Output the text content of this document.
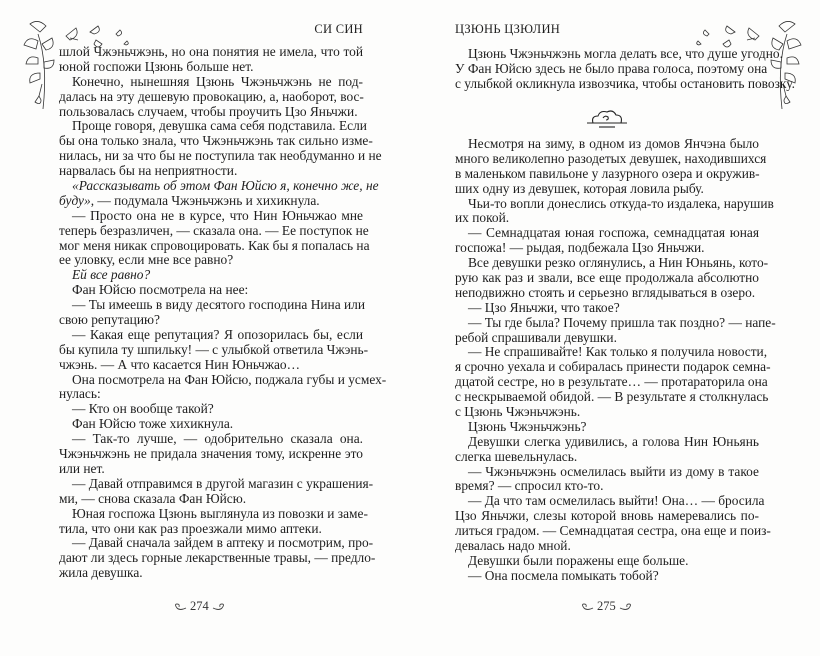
СИ СИН
шлой Чжэньчжэнь, но она понятия не имела, что той
юной госпожи Цзюнь больше нет.
Конечно, нынешняя Цзюнь Чжэньчжэнь не под-
далась на эту дешевую провокацию, а, наоборот, вос-
пользовалась случаем, чтобы проучить Цзо Яньчжи.
Проще говоря, девушка сама себя подставила. Если
бы она только знала, что Чжэньчжэнь так сильно изме-
нилась, ни за что бы не поступила так необдуманно и не
нарвалась бы на неприятности.
«Рассказывать об этом Фан Юйсю я, конечно же, не
буду», — подумала Чжэньчжэнь и хихикнула.
— Просто она не в курсе, что Нин Юньчжао мне
теперь безразличен, — сказала она. — Ее поступок не
мог меня никак спровоцировать. Как бы я попалась на
ее уловку, если мне все равно?
Ей все равно?
Фан Юйсю посмотрела на нее:
— Ты имеешь в виду десятого господина Нина или
свою репутацию?
— Какая еще репутация? Я опозорилась бы, если
бы купила ту шпильку! — с улыбкой ответила Чжэнь-
чжэнь. — А что касается Нин Юньчжао…
Она посмотрела на Фан Юйсю, поджала губы и усмех-
нулась:
— Кто он вообще такой?
Фан Юйсю тоже хихикнула.
— Так-то лучше, — одобрительно сказала она.
Чжэньчжэнь не придала значения тому, искренне это
или нет.
— Давай отправимся в другой магазин с украшения-
ми, — снова сказала Фан Юйсю.
Юная госпожа Цзюнь выглянула из повозки и заме-
тила, что они как раз проезжали мимо аптеки.
— Давай сначала зайдем в аптеку и посмотрим, про-
дают ли здесь горные лекарственные травы, — предло-
жила девушка.
274
ЦЗЮНЬ ЦЗЮЛИН
Цзюнь Чжэньчжэнь могла делать все, что душе угодно.
У Фан Юйсю здесь не было права голоса, поэтому она
с улыбкой окликнула извозчика, чтобы остановить повозку.
Несмотря на зиму, в одном из домов Янчэна было
много великолепно разодетых девушек, находившихся
в маленьком павильоне у лазурного озера и окружив-
ших одну из девушек, которая ловила рыбу.
Чьи-то вопли донеслись откуда-то издалека, нарушив
их покой.
— Семнадцатая юная госпожа, семнадцатая юная
госпожа! — рыдая, подбежала Цзо Яньчжи.
Все девушки резко оглянулись, а Нин Юньянь, кото-
рую как раз и звали, все еще продолжала абсолютно
неподвижно стоять и серьезно вглядываться в озеро.
— Цзо Яньчжи, что такое?
— Ты где была? Почему пришла так поздно? — напе-
ребой спрашивали девушки.
— Не спрашивайте! Как только я получила новости,
я срочно уехала и собиралась принести подарок семна-
дцатой сестре, но в результате… — протараторила она
с нескрываемой обидой. — В результате я столкнулась
с Цзюнь Чжэньчжэнь.
Цзюнь Чжэньчжэнь?
Девушки слегка удивились, а голова Нин Юньянь
слегка шевельнулась.
— Чжэньчжэнь осмелилась выйти из дому в такое
время? — спросил кто-то.
— Да что там осмелилась выйти! Она… — бросила
Цзо Яньчжи, слезы которой вновь намеревались по-
литься градом. — Семнадцатая сестра, она еще и поиз-
девалась надо мной.
Девушки были поражены еще больше.
— Она посмела помыкать тобой?
275
